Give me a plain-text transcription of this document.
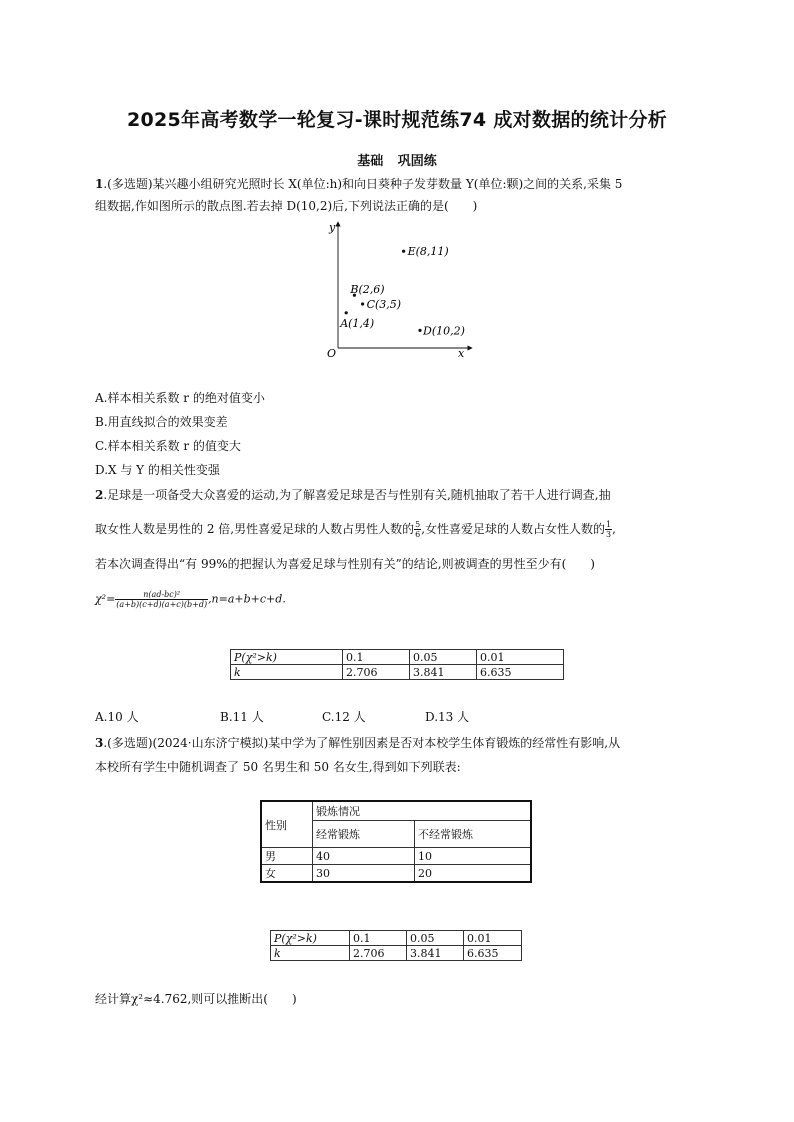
2025年高考数学一轮复习-课时规范练74 成对数据的统计分析
基础 巩固练
1.(多选题)某兴趣小组研究光照时长 X(单位:h)和向日葵种子发芽数量 Y(单位:颗)之间的关系,采集 5
组数据,作如图所示的散点图.若去掉 D(10,2)后,下列说法正确的是(　　)
y
x
O
A(1,4)
B(2,6)
C(3,5)
D(10,2)
E(8,11)
A.样本相关系数 r 的绝对值变小
B.用直线拟合的效果变差
C.样本相关系数 r 的值变大
D.X 与 Y 的相关性变强
2.足球是一项备受大众喜爱的运动,为了解喜爱足球是否与性别有关,随机抽取了若干人进行调查,抽
取女性人数是男性的 2 倍,男性喜爱足球的人数占男性人数的 $\frac{5}{6}$ ,女性喜爱足球的人数占女性人数的 $\frac{1}{3}$ ,
若本次调查得出“有 99%的把握认为喜爱足球与性别有关”的结论,则被调查的男性至少有(　　)
$\chi^2= \frac{\text{n(ad-bc)²}}{(a+b)(c+d)(a+c)(b+d)} ,n=a+b+c+d$.
P(χ²>k)	0.1	0.05	0.01
k	2.706	3.841	6.635
A.10 人	B.11 人	C.12 人	D.13 人
3.(多选题)(2024·山东济宁模拟)某中学为了解性别因素是否对本校学生体育锻炼的经常性有影响,从
本校所有学生中随机调查了 50 名男生和 50 名女生,得到如下列联表:
性别	锻炼情况	
	经常锻炼	不经常锻炼
男	40	10
女	30	20
P(χ²>k)	0.1	0.05	0.01
k	2.706	3.841	6.635
经计算χ²≈4.762,则可以推断出(　　)
